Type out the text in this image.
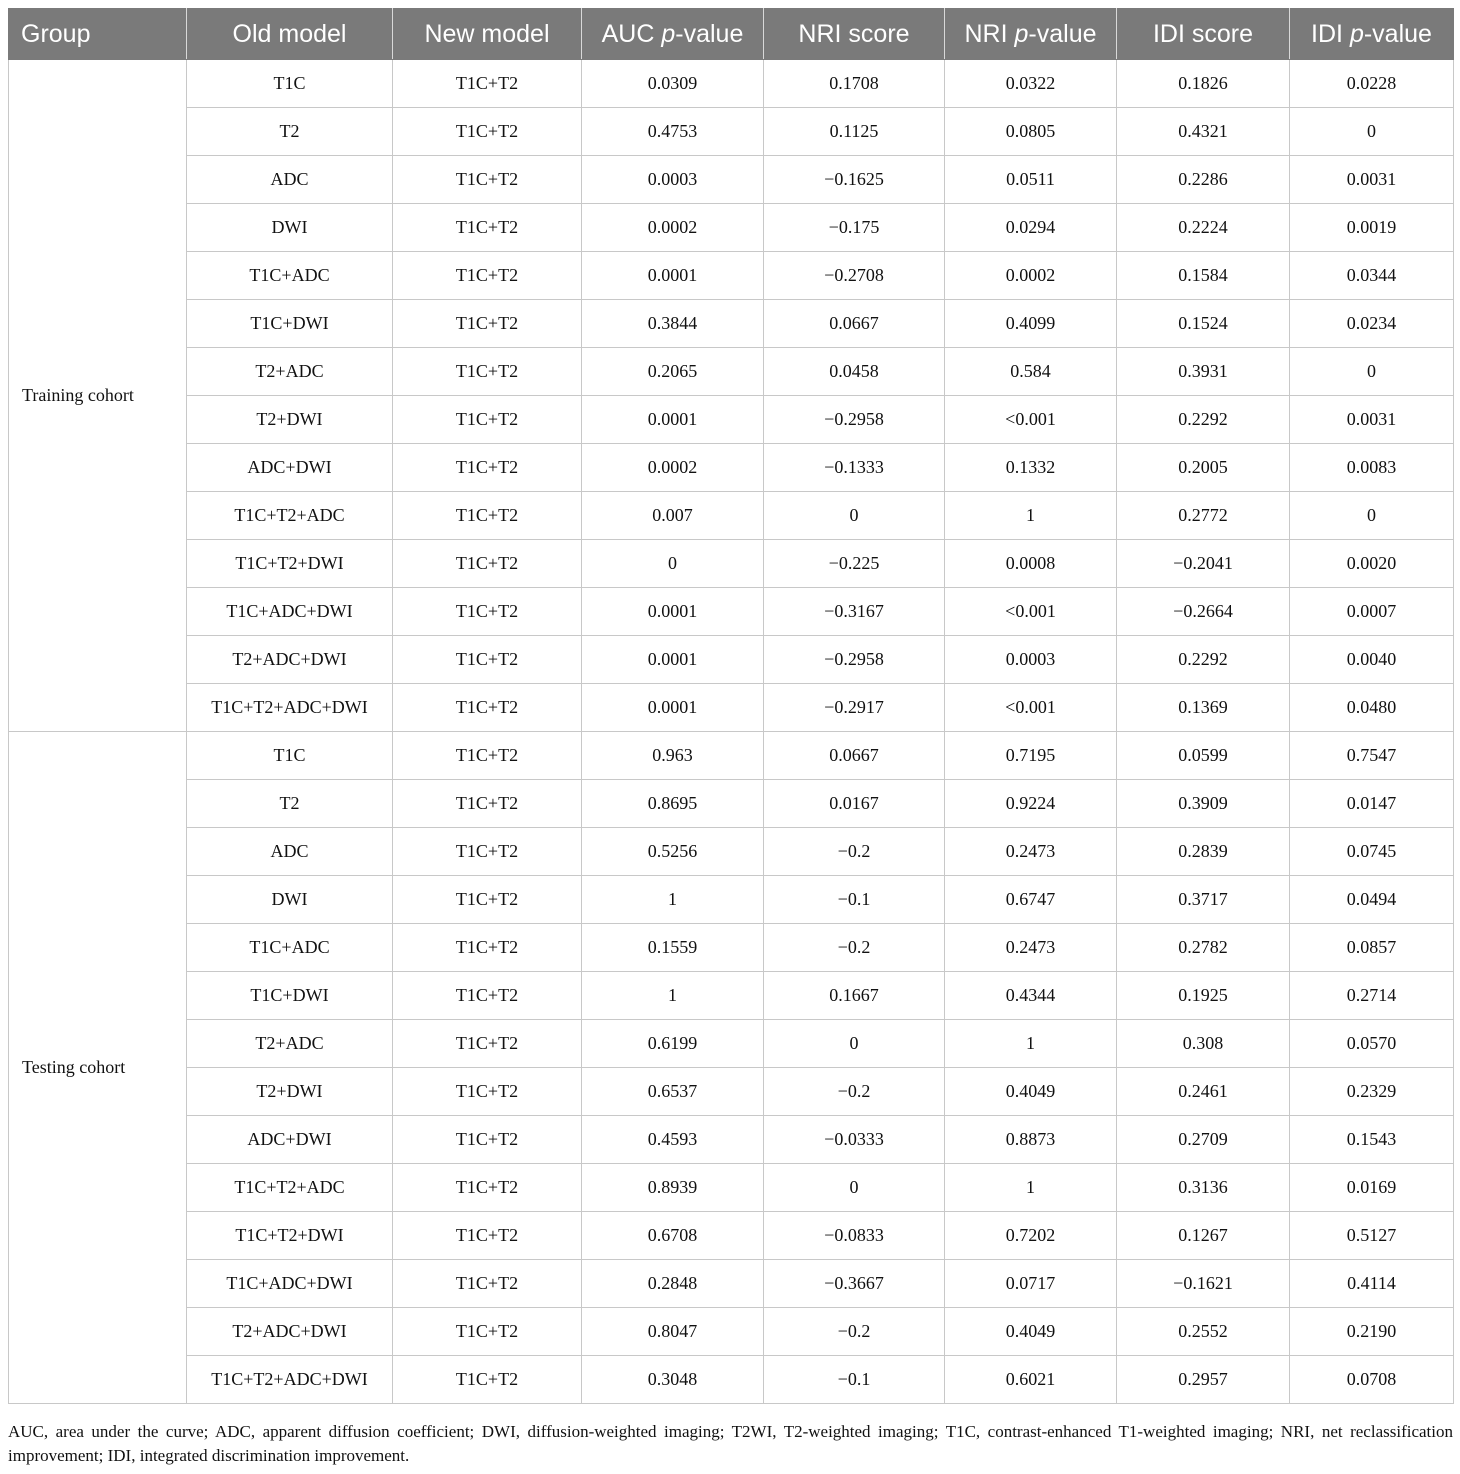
Group	Old model	New model	AUC p-value	NRI score	NRI p-value	IDI score	IDI p-value
Training cohort	T1C	T1C+T2	0.0309	0.1708	0.0322	0.1826	0.0228
	T2	T1C+T2	0.4753	0.1125	0.0805	0.4321	0
	ADC	T1C+T2	0.0003	−0.1625	0.0511	0.2286	0.0031
	DWI	T1C+T2	0.0002	−0.175	0.0294	0.2224	0.0019
	T1C+ADC	T1C+T2	0.0001	−0.2708	0.0002	0.1584	0.0344
	T1C+DWI	T1C+T2	0.3844	0.0667	0.4099	0.1524	0.0234
	T2+ADC	T1C+T2	0.2065	0.0458	0.584	0.3931	0
	T2+DWI	T1C+T2	0.0001	−0.2958	<0.001	0.2292	0.0031
	ADC+DWI	T1C+T2	0.0002	−0.1333	0.1332	0.2005	0.0083
	T1C+T2+ADC	T1C+T2	0.007	0	1	0.2772	0
	T1C+T2+DWI	T1C+T2	0	−0.225	0.0008	−0.2041	0.0020
	T1C+ADC+DWI	T1C+T2	0.0001	−0.3167	<0.001	−0.2664	0.0007
	T2+ADC+DWI	T1C+T2	0.0001	−0.2958	0.0003	0.2292	0.0040
	T1C+T2+ADC+DWI	T1C+T2	0.0001	−0.2917	<0.001	0.1369	0.0480
Testing cohort	T1C	T1C+T2	0.963	0.0667	0.7195	0.0599	0.7547
	T2	T1C+T2	0.8695	0.0167	0.9224	0.3909	0.0147
	ADC	T1C+T2	0.5256	−0.2	0.2473	0.2839	0.0745
	DWI	T1C+T2	1	−0.1	0.6747	0.3717	0.0494
	T1C+ADC	T1C+T2	0.1559	−0.2	0.2473	0.2782	0.0857
	T1C+DWI	T1C+T2	1	0.1667	0.4344	0.1925	0.2714
	T2+ADC	T1C+T2	0.6199	0	1	0.308	0.0570
	T2+DWI	T1C+T2	0.6537	−0.2	0.4049	0.2461	0.2329
	ADC+DWI	T1C+T2	0.4593	−0.0333	0.8873	0.2709	0.1543
	T1C+T2+ADC	T1C+T2	0.8939	0	1	0.3136	0.0169
	T1C+T2+DWI	T1C+T2	0.6708	−0.0833	0.7202	0.1267	0.5127
	T1C+ADC+DWI	T1C+T2	0.2848	−0.3667	0.0717	−0.1621	0.4114
	T2+ADC+DWI	T1C+T2	0.8047	−0.2	0.4049	0.2552	0.2190
	T1C+T2+ADC+DWI	T1C+T2	0.3048	−0.1	0.6021	0.2957	0.0708
AUC, area under the curve; ADC, apparent diffusion coefficient; DWI, diffusion-weighted imaging; T2WI, T2-weighted imaging; T1C, contrast-enhanced T1-weighted imaging; NRI, net reclassification improvement; IDI, integrated discrimination improvement.
